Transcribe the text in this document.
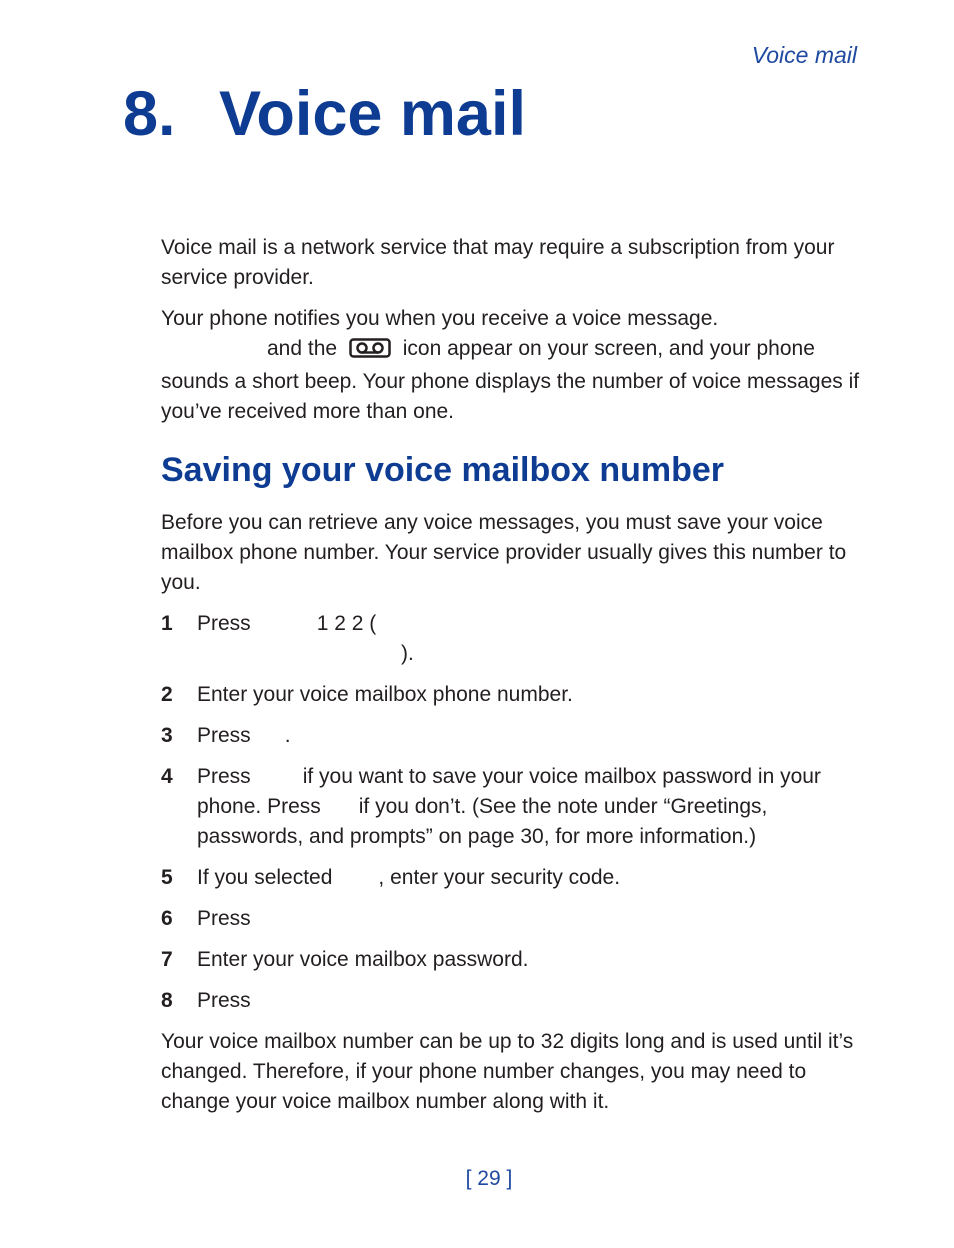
Voice mail
8. Voice mail

Voice mail is a network service that may require a subscription from your service provider.

Your phone notifies you when you receive a voice message.
and the	icon appear on your screen, and your phone sounds a short beep. Your phone displays the number of voice messages if you’ve received more than one.

Saving your voice mailbox number

Before you can retrieve any voice messages, you must save your voice mailbox phone number. Your service provider usually gives this number to you.

1 Press	1 2 2 (
).
2 Enter your voice mailbox phone number.
3 Press .
4 Press if you want to save your voice mailbox password in your
phone. Press if you don’t. (See the note under “Greetings,
passwords, and prompts” on page 30, for more information.)
5 If you selected , enter your security code.
6 Press
7 Enter your voice mailbox password.
8 Press

Your voice mailbox number can be up to 32 digits long and is used until it’s changed. Therefore, if your phone number changes, you may need to change your voice mailbox number along with it.

[ 29 ]
